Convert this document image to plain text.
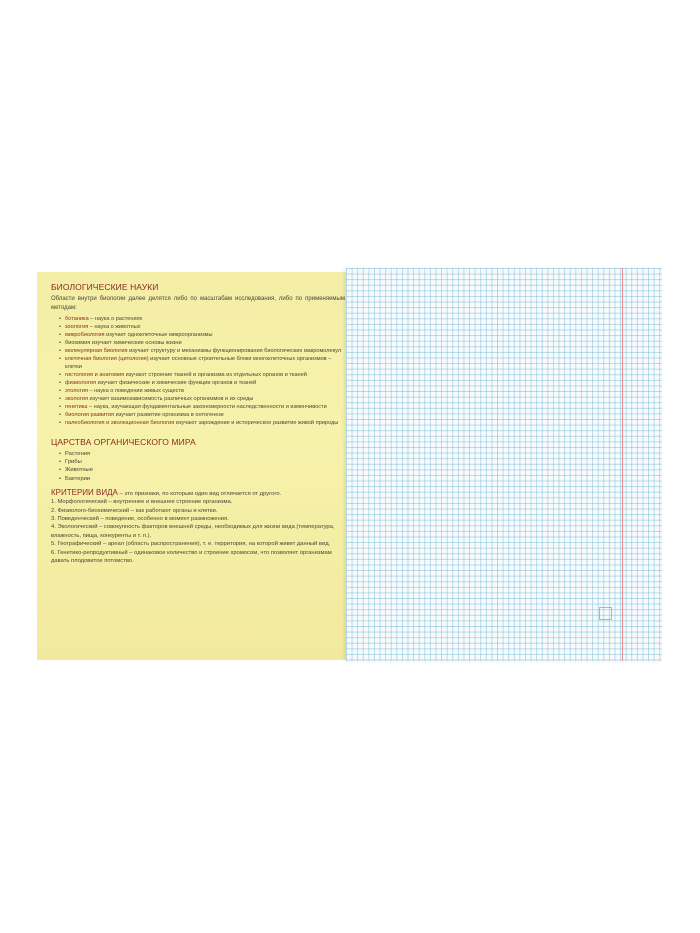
БИОЛОГИЧЕСКИЕ НАУКИ

Области внутри биологии далее делятся либо по масштабам исследования, либо по применяемым методам:

• ботаника – наука о растениях
• зоология – наука о животных
• микробиология изучает одноклеточные микроорганизмы
• биохимия изучает химические основы жизни
• молекулярная биология изучает структуру и механизмы функционирования биологических макромолекул
• клеточная биология (цитология) изучает основные строительные блоки многоклеточных организмов – клетки
• гистология и анатомия изучают строение тканей и организма из отдельных органов и тканей
• физиология изучает физические и химические функции органов и тканей
• этология – наука о поведении живых существ
• экология изучает взаимозависимость различных организмов и их среды
• генетика – наука, изучающая фундаментальные закономерности наследственности и изменчивости
• биология развития изучает развитие организма в онтогенезе
• палеобиология и эволюционная биология изучают зарождение и историческое развитие живой природы
ЦАРСТВА ОРГАНИЧЕСКОГО МИРА
• Растения
• Грибы
• Животные
• Бактерии

КРИТЕРИИ ВИДА – это признаки, по которым один вид отличается от другого.

1. Морфологический – внутреннее и внешнее строение организма.

2. Физиолого-биохимический – как работают органы и клетки.

3. Поведенческий – поведение, особенно в момент размножения.

4. Экологический – совокупность факторов внешней среды, необходимых для жизни вида (температура, влажность, пища, конкуренты и т. п.).

5. Географический – ареал (область распространения), т. е. территория, на которой живет данный вид.

6. Генетико-репродуктивный – одинаковое количество и строение хромосом, что позволяет организмам давать плодовитое потомство.
